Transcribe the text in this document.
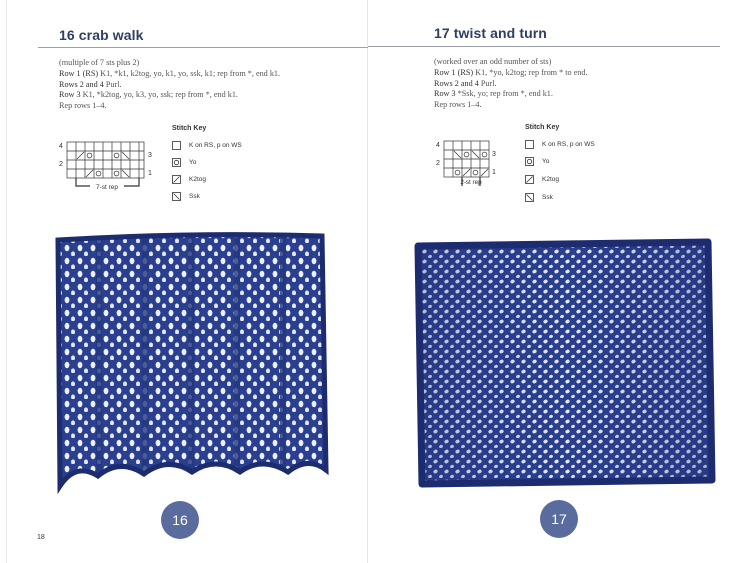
16 crab walk
(multiple of 7 sts plus 2)
Row 1 (RS) K1, *k1, k2tog, yo, k1, yo, ssk, k1; rep from *, end k1.
Rows 2 and 4 Purl.
Row 3 K1, *k2tog, yo, k3, yo, ssk; rep from *, end k1.
Rep rows 1–4.
4
3
2
1
7-st rep
Stitch Key
K on RS, p on WS
Yo
K2tog
Ssk
16
18
17 twist and turn
(worked over an odd number of sts)
Row 1 (RS) K1, *yo, k2tog; rep from * to end.
Rows 2 and 4 Purl.
Row 3 *Ssk, yo; rep from *, end k1.
Rep rows 1–4.
4
3
2
1
2-st rep
Stitch Key
K on RS, p on WS
Yo
K2tog
Ssk
17
